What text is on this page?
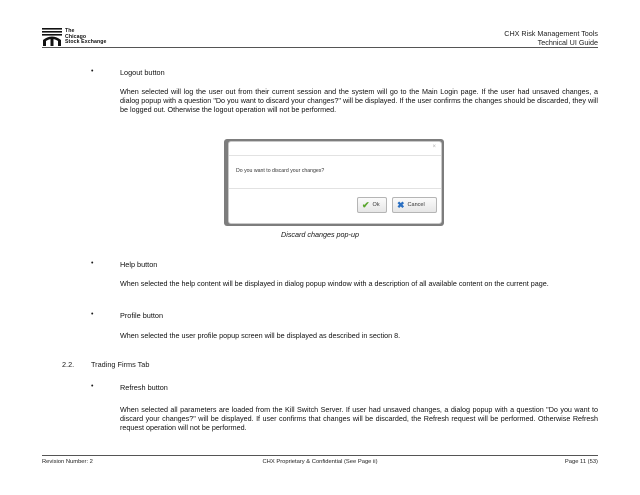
The
Chicago
Stock Exchange
CHX Risk Management Tools
Technical UI Guide
•	Logout button
When selected will log the user out from their current session and the system will go to the Main Login page. If the user had unsaved changes, a dialog popup with a question "Do you want to discard your changes?" will be displayed. If the user confirms the changes should be discarded, they will be logged out. Otherwise the logout operation will not be performed.
×
Do you want to discard your changes?
✔ Ok ✖ Cancel
Discard changes pop-up
•	Help button
When selected the help content will be displayed in dialog popup window with a description of all available content on the current page.
•	Profile button
When selected the user profile popup screen will be displayed as described in section 8.
2.2. Trading Firms Tab
•	Refresh button
When selected all parameters are loaded from the Kill Switch Server. If user had unsaved changes, a dialog popup with a question "Do you want to discard your changes?" will be displayed. If user confirms that changes will be discarded, the Refresh request will be performed. Otherwise Refresh request operation will not be performed.
Revision Number: 2	CHX Proprietary & Confidential (See Page ii)	Page 11 (53)
